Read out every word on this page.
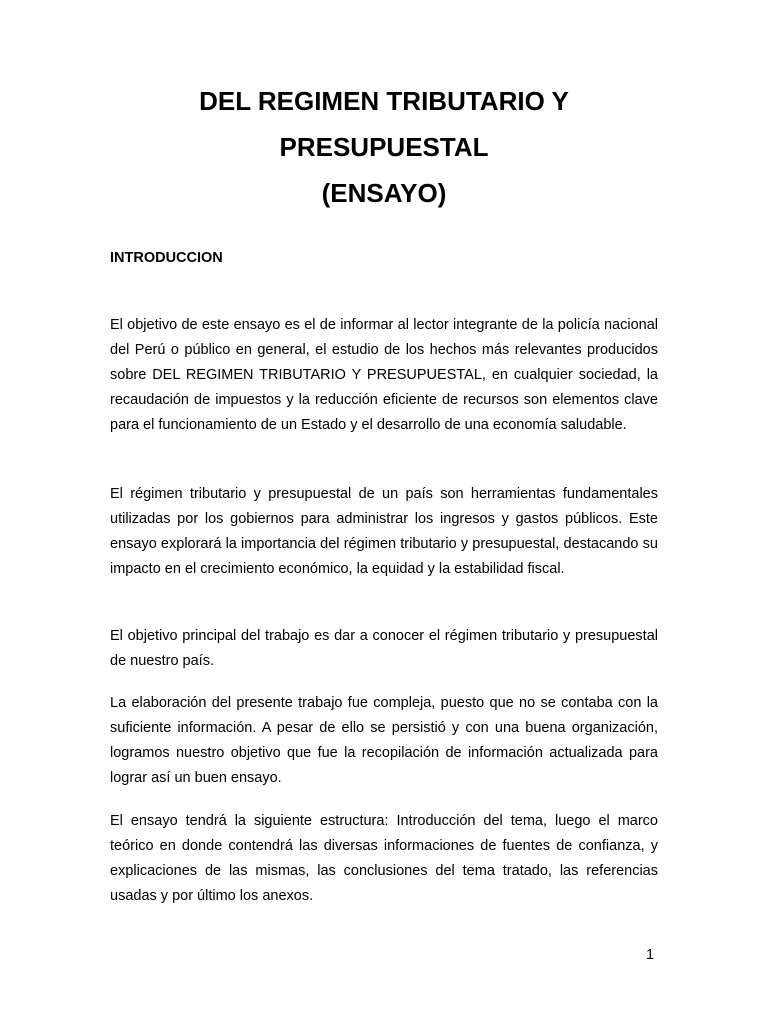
DEL REGIMEN TRIBUTARIO Y
PRESUPUESTAL
(ENSAYO)
INTRODUCCION

El objetivo de este ensayo es el de informar al lector integrante de la policía nacional del Perú o público en general, el estudio de los hechos más relevantes producidos sobre DEL REGIMEN TRIBUTARIO Y PRESUPUESTAL, en cualquier sociedad, la recaudación de impuestos y la reducción eficiente de recursos son elementos clave para el funcionamiento de un Estado y el desarrollo de una economía saludable.

El régimen tributario y presupuestal de un país son herramientas fundamentales utilizadas por los gobiernos para administrar los ingresos y gastos públicos. Este ensayo explorará la importancia del régimen tributario y presupuestal, destacando su impacto en el crecimiento económico, la equidad y la estabilidad fiscal.

El objetivo principal del trabajo es dar a conocer el régimen tributario y presupuestal de nuestro país.

La elaboración del presente trabajo fue compleja, puesto que no se contaba con la suficiente información. A pesar de ello se persistió y con una buena organización, logramos nuestro objetivo que fue la recopilación de información actualizada para lograr así un buen ensayo.

El ensayo tendrá la siguiente estructura: Introducción del tema, luego el marco teórico en donde contendrá las diversas informaciones de fuentes de confianza, y explicaciones de las mismas, las conclusiones del tema tratado, las referencias usadas y por último los anexos.

1
